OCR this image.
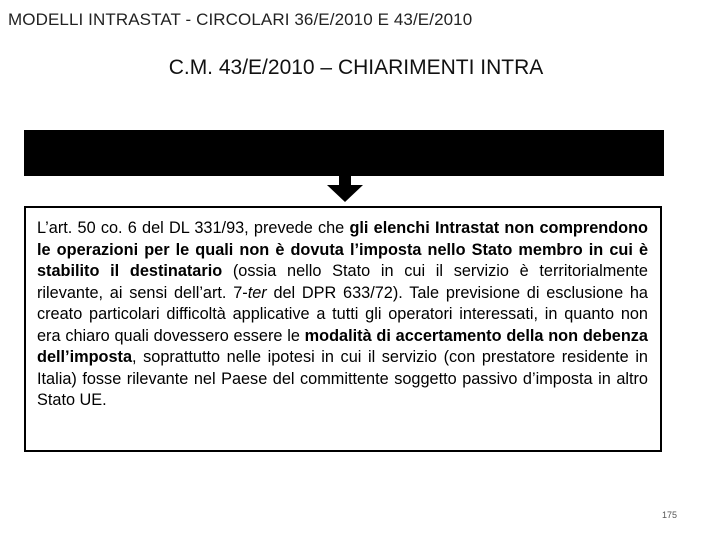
MODELLI INTRASTAT - CIRCOLARI 36/E/2010 E 43/E/2010
C.M. 43/E/2010 – CHIARIMENTI INTRA

L’art. 50 co. 6 del DL 331/93, prevede che gli elenchi Intrastat non comprendono le operazioni per le quali non è dovuta l’imposta nello Stato membro in cui è stabilito il destinatario (ossia nello Stato in cui il servizio è territorialmente rilevante, ai sensi dell’art. 7-ter del DPR 633/72). Tale previsione di esclusione ha creato particolari difficoltà applicative a tutti gli operatori interessati, in quanto non era chiaro quali dovessero essere le modalità di accertamento della non debenza dell’imposta, soprattutto nelle ipotesi in cui il servizio (con prestatore residente in Italia) fosse rilevante nel Paese del committente soggetto passivo d’imposta in altro Stato UE.

175
